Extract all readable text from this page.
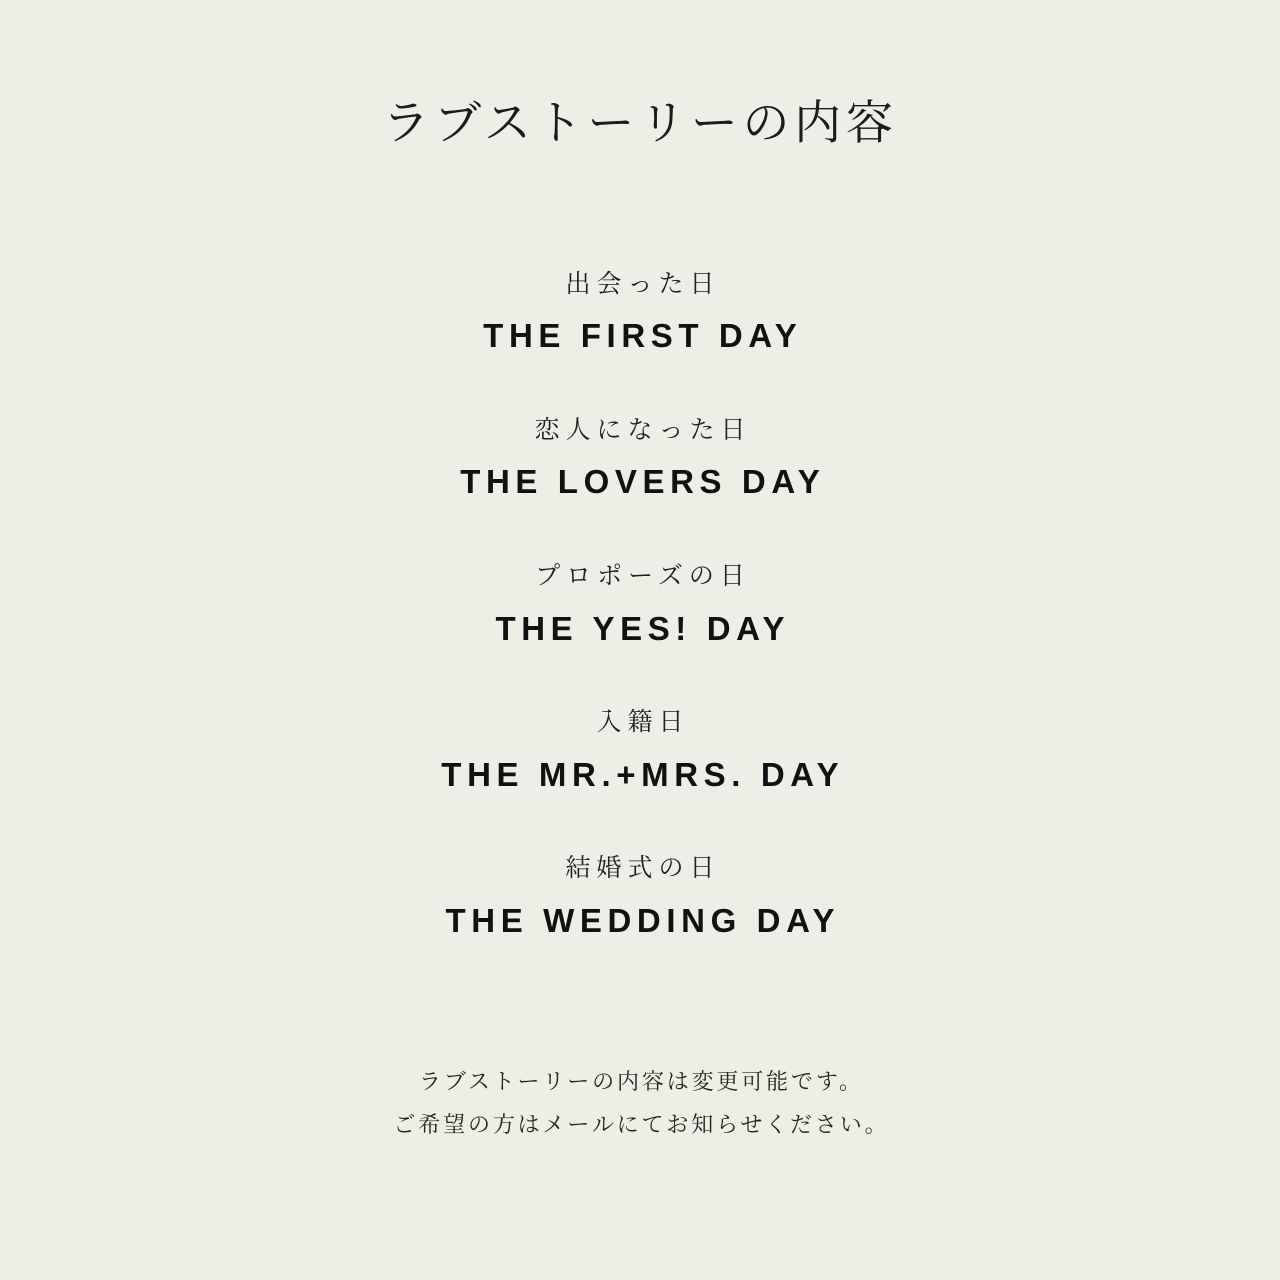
ラブストーリーの内容
出会った日
THE FIRST DAY
恋人になった日
THE LOVERS DAY
プロポーズの日
THE YES! DAY
入籍日
THE MR.+MRS. DAY
結婚式の日
THE WEDDING DAY
ラブストーリーの内容は変更可能です。
ご希望の方はメールにてお知らせください。
